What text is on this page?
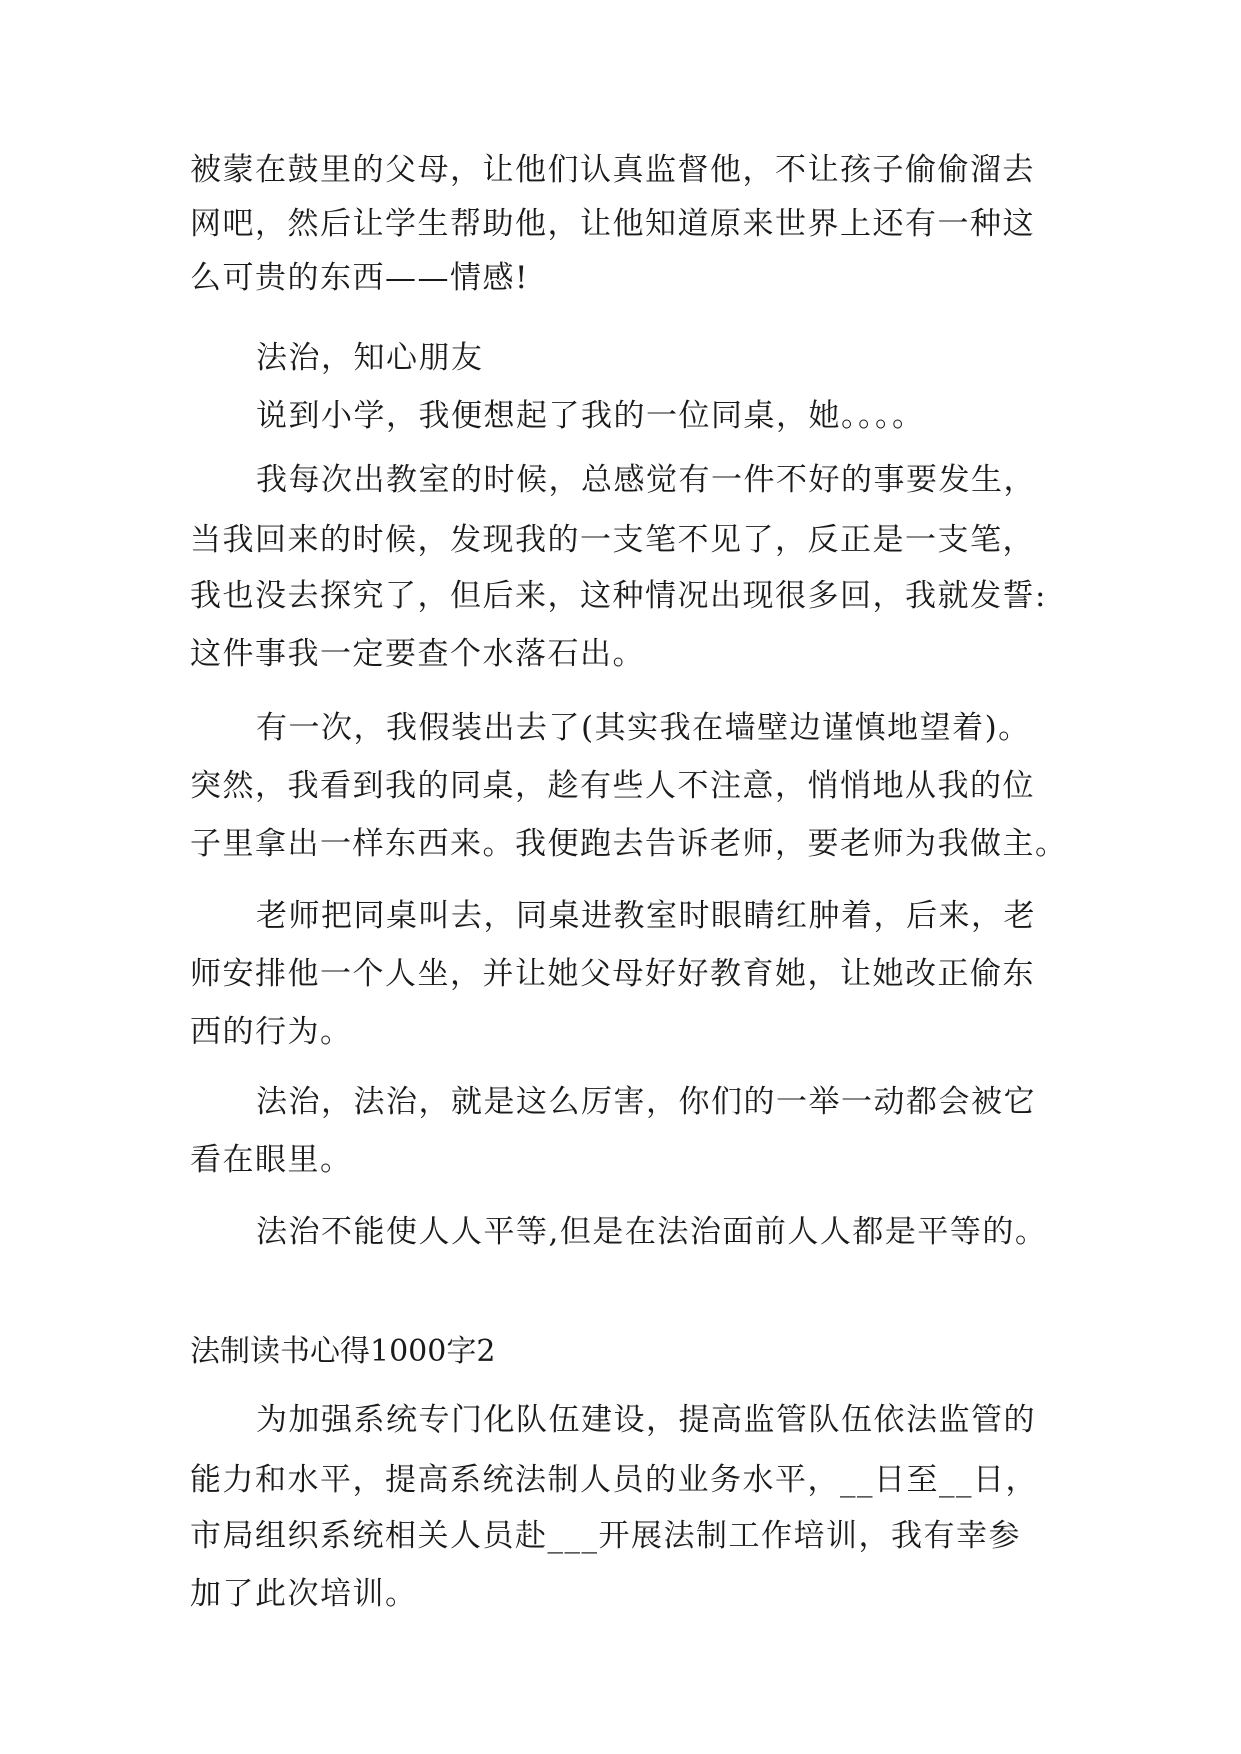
被蒙在鼓里的父母，让他们认真监督他，不让孩子偷偷溜去
网吧，然后让学生帮助他，让他知道原来世界上还有一种这
么可贵的东西——情感!
法治，知心朋友
说到小学，我便想起了我的一位同桌，她。。。。
我每次出教室的时候，总感觉有一件不好的事要发生，
当我回来的时候，发现我的一支笔不见了，反正是一支笔，
我也没去探究了，但后来，这种情况出现很多回，我就发誓:
这件事我一定要查个水落石出。
有一次，我假装出去了(其实我在墙壁边谨慎地望着)。
突然，我看到我的同桌，趁有些人不注意，悄悄地从我的位
子里拿出一样东西来。我便跑去告诉老师，要老师为我做主。
老师把同桌叫去，同桌进教室时眼睛红肿着，后来，老
师安排他一个人坐，并让她父母好好教育她，让她改正偷东
西的行为。
法治，法治，就是这么厉害，你们的一举一动都会被它
看在眼里。
法治不能使人人平等,但是在法治面前人人都是平等的。
法制读书心得1000字2
为加强系统专门化队伍建设，提高监管队伍依法监管的
能力和水平，提高系统法制人员的业务水平，__日至__日，
市局组织系统相关人员赴___开展法制工作培训，我有幸参
加了此次培训。
